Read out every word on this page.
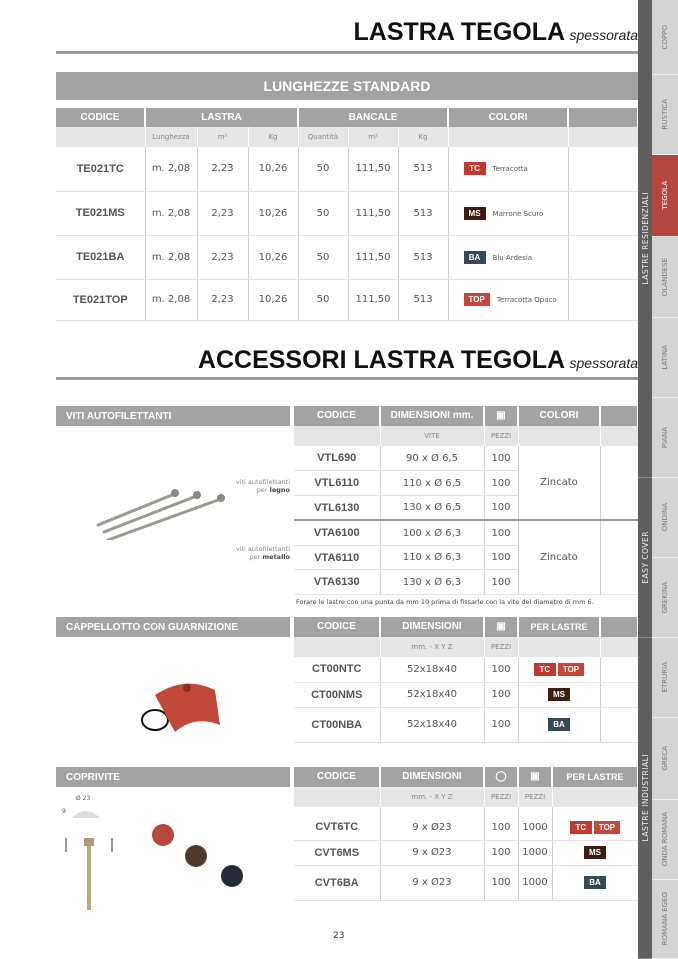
LASTRA TEGOLA spessorata
LUNGHEZZE STANDARD
CODICE	LASTRA			BANCALE			COLORI	
	Lunghezza	m²	Kg	Quantità	m²	Kg		
TE021TC	m. 2,08	2,23	10,26	50	111,50	513	TC Terracotta	
TE021MS	m. 2,08	2,23	10,26	50	111,50	513	MS Marrone Scuro	
TE021BA	m. 2,08	2,23	10,26	50	111,50	513	BA Blu Ardesia	
TE021TOP	m. 2,08	2,23	10,26	50	111,50	513	TOP Terracotta Opaco	
ACCESSORI LASTRA TEGOLA spessorata
VITI AUTOFILETTANTI
viti autofilettanti
per legno
viti autofilettanti
per metallo
CODICE	DIMENSIONI mm.	▣	COLORI	
	VITE	PEZZI		
VTL690	90 x Ø 6,5	100	Zincato	
VTL6110	110 x Ø 6,5	100		
VTL6130	130 x Ø 6,5	100		
VTA6100	100 x Ø 6,3	100	Zincato	
VTA6110	110 x Ø 6,3	100		
VTA6130	130 x Ø 6,3	100		
Forare le lastre con una punta da mm 10 prima di fissarle con la vite del diametro di mm 6.
CAPPELLOTTO CON GUARNIZIONE	CODICE	DIMENSIONI	▣	PER LASTRE	
	mm. - X Y Z	PEZZI		
CT00NTC	52x18x40	100	TC TOP	
CT00NMS	52x18x40	100	MS	
CT00NBA	52x18x40	100	BA	
COPRIVITE
Ø 23
9
CODICE	DIMENSIONI	◯	▣	PER LASTRE
	mm. - X Y Z	PEZZI	PEZZI	

CVT6TC	9 x Ø23	100	1000	TC TOP
CVT6MS	9 x Ø23	100	1000	MS
CVT6BA	9 x Ø23	100	1000	BA
23
COPPO
RUSTICA
TEGOLA
OLANDESE
LATINA
PIANA
ONDINA
GREKINA
ETRURIA
GRECA
ONDA ROMANA
ROMANA EGEO
LASTRE RESIDENZIALI
EASY COVER
LASTRE INDUSTRIALI
